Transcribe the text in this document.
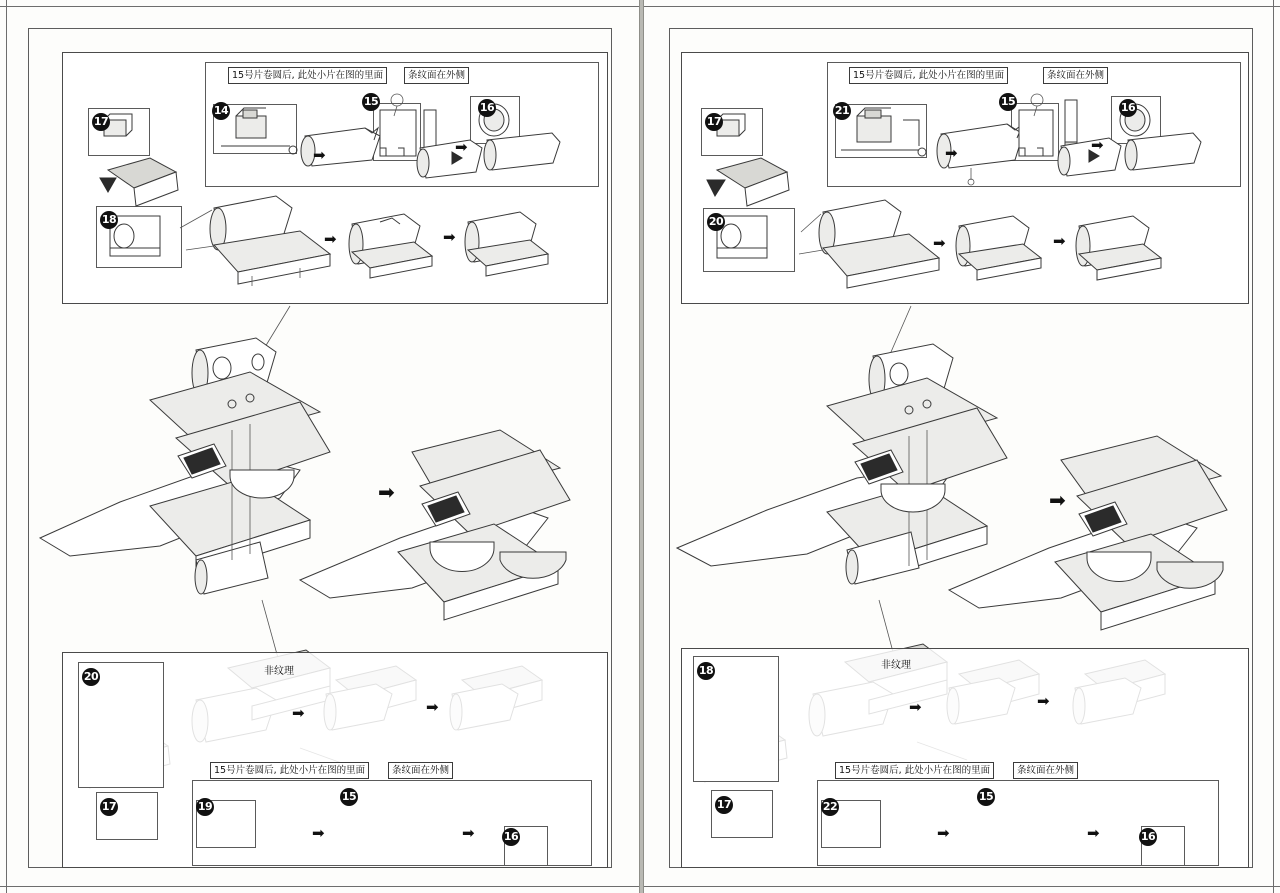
17
18
14
15	16
15号片卷圆后, 此处小片在图的里面	条纹面在外侧
➡	➡
➡	➡
➡
20
17	19
15
16
非纹理
15号片卷圆后, 此处小片在图的里面	条纹面在外侧
➡	➡
➡	➡
17
20
21
15	16
15号片卷圆后, 此处小片在图的里面	条纹面在外侧
➡	➡
➡	➡
➡
18
17	22
15
16
非纹理
15号片卷圆后, 此处小片在图的里面	条纹面在外侧
➡	➡
➡	➡
